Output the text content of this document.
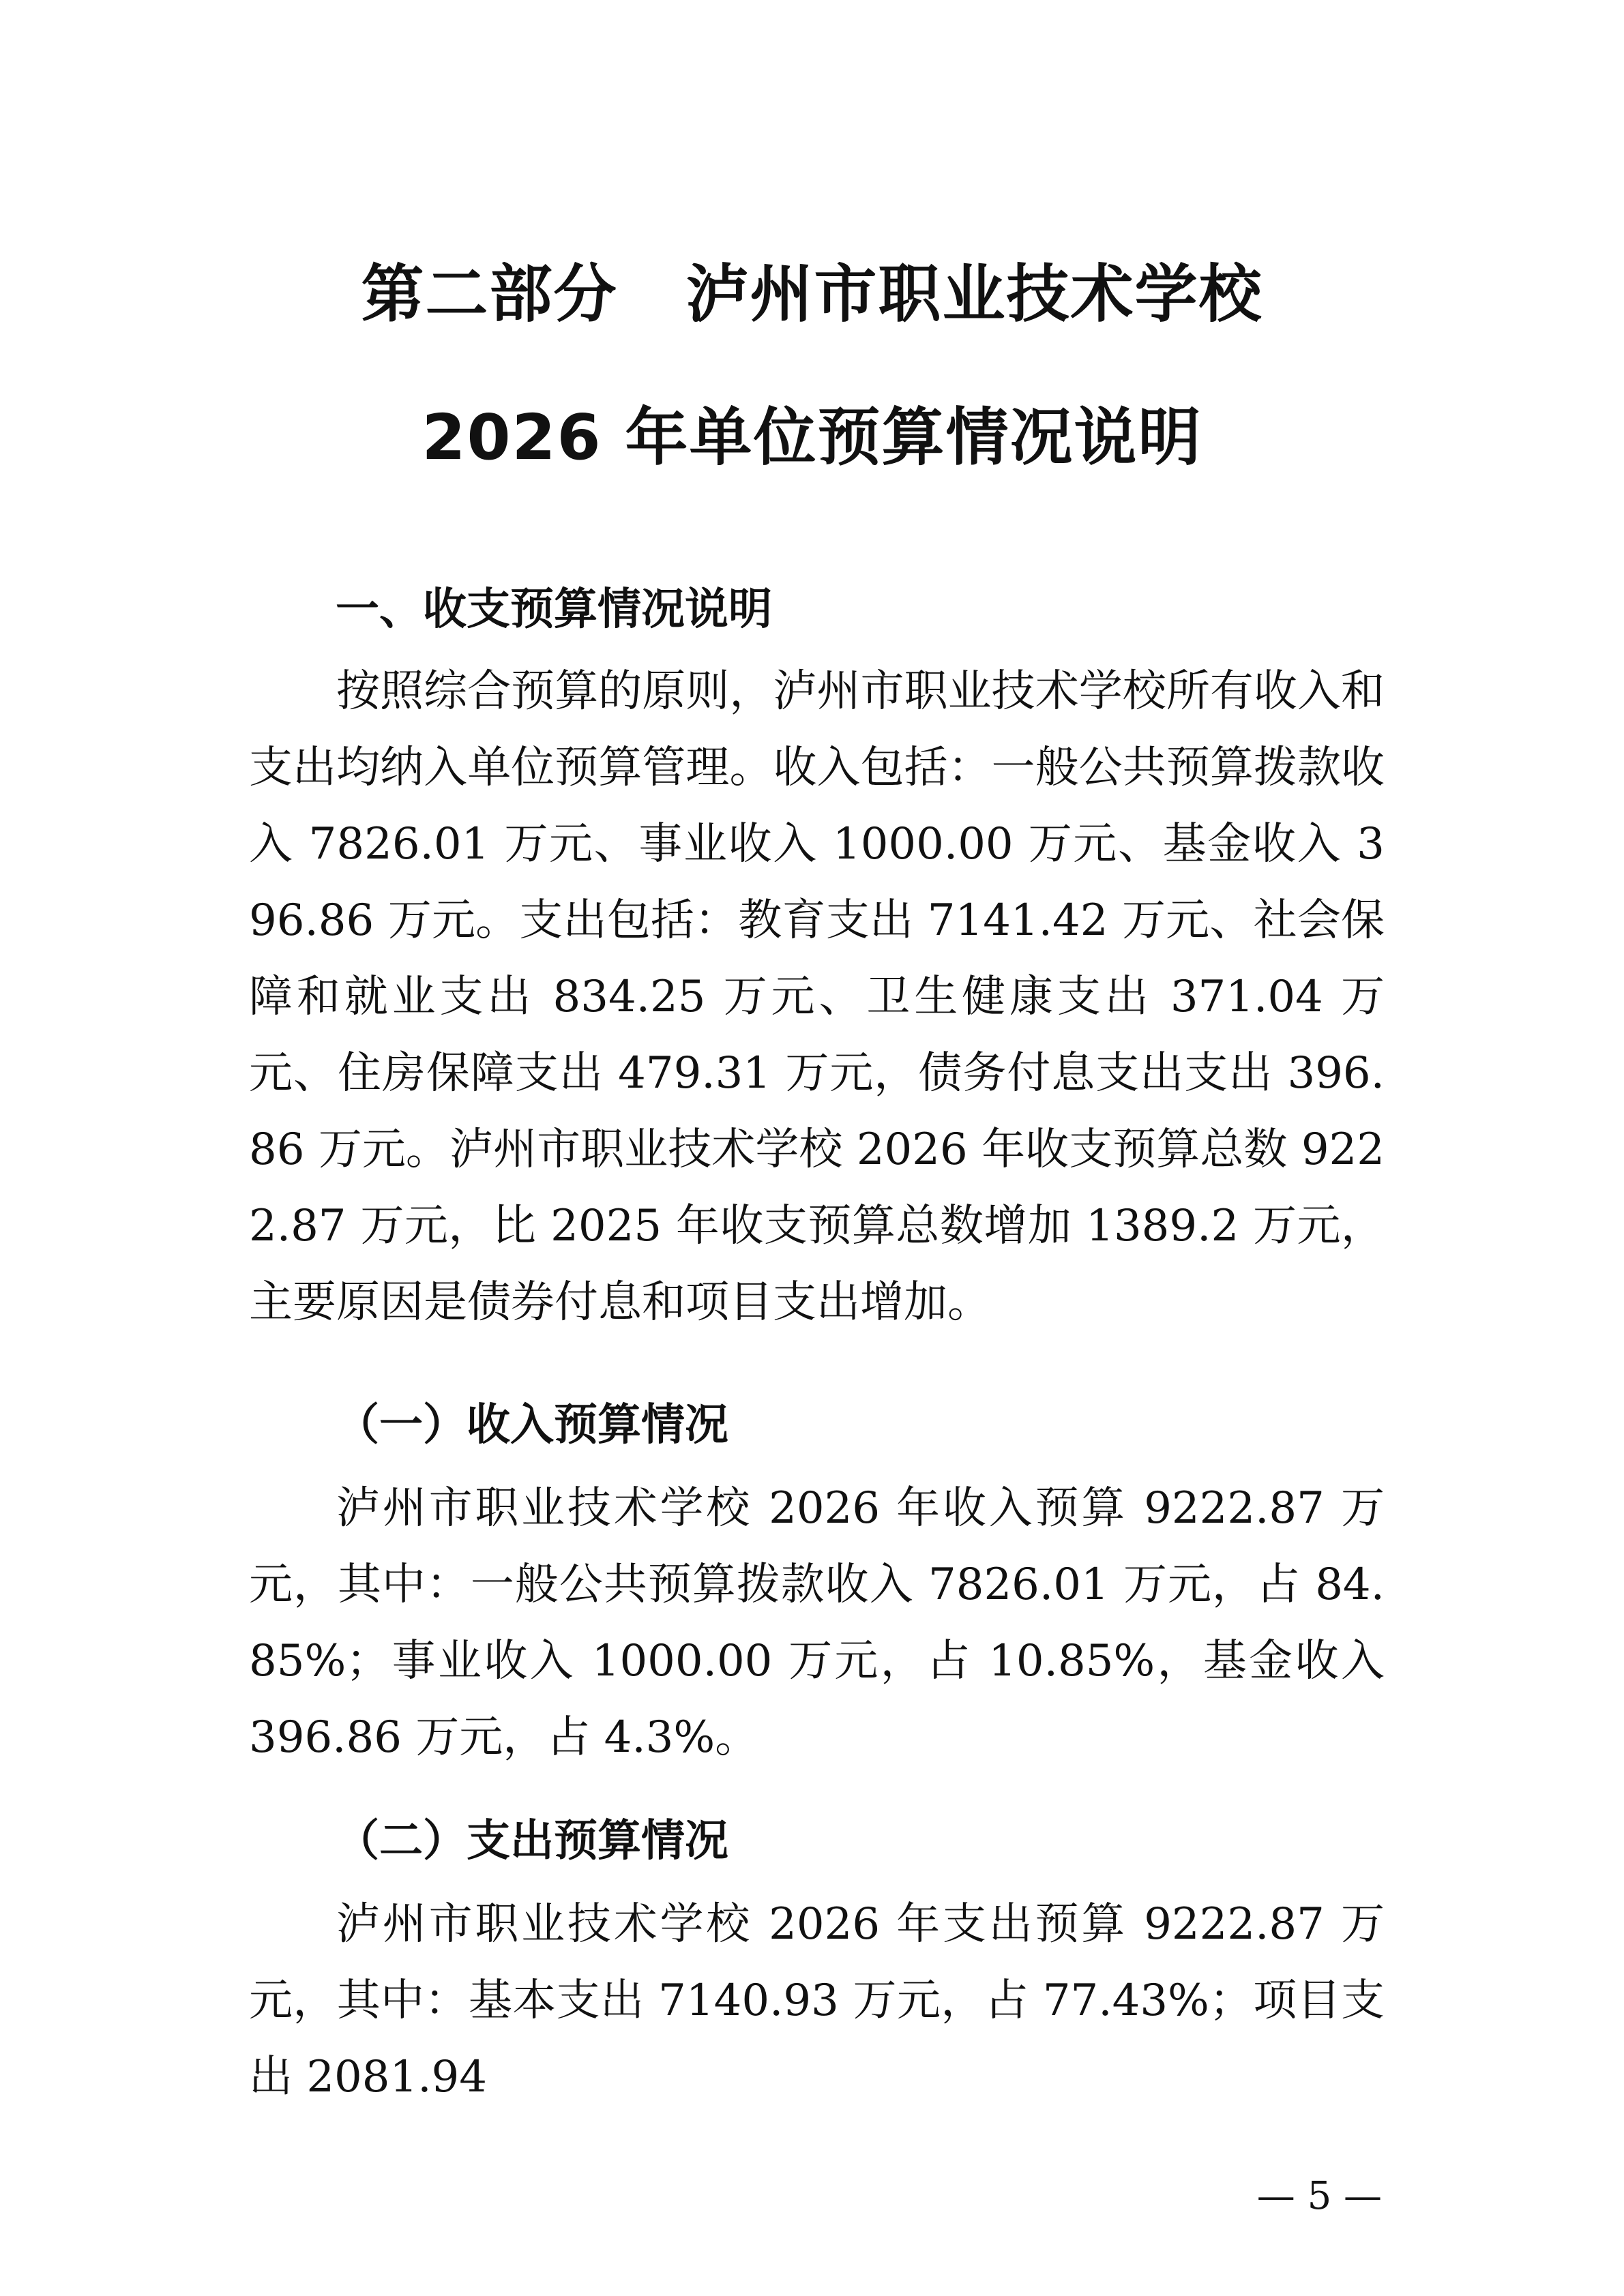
第二部分 泸州市职业技术学校
2026 年单位预算情况说明
一、收支预算情况说明

按照综合预算的原则，泸州市职业技术学校所有收入和支出均纳入单位预算管理。收入包括：一般公共预算拨款收入 7826.01 万元、事业收入 1000.00 万元、基金收入 396.86 万元。支出包括：教育支出 7141.42 万元、社会保障和就业支出 834.25 万元、卫生健康支出 371.04 万元、住房保障支出 479.31 万元，债务付息支出支出 396.86 万元。泸州市职业技术学校 2026 年收支预算总数 9222.87 万元，比 2025 年收支预算总数增加 1389.2 万元，主要原因是债券付息和项目支出增加。

（一）收入预算情况

泸州市职业技术学校 2026 年收入预算 9222.87 万元，其中：一般公共预算拨款收入 7826.01 万元，占 84.85%；事业收入 1000.00 万元，占 10.85%，基金收入 396.86 万元，占 4.3%。

（二）支出预算情况

泸州市职业技术学校 2026 年支出预算 9222.87 万元，其中：基本支出 7140.93 万元，占 77.43%；项目支出 2081.94

— 5 —
